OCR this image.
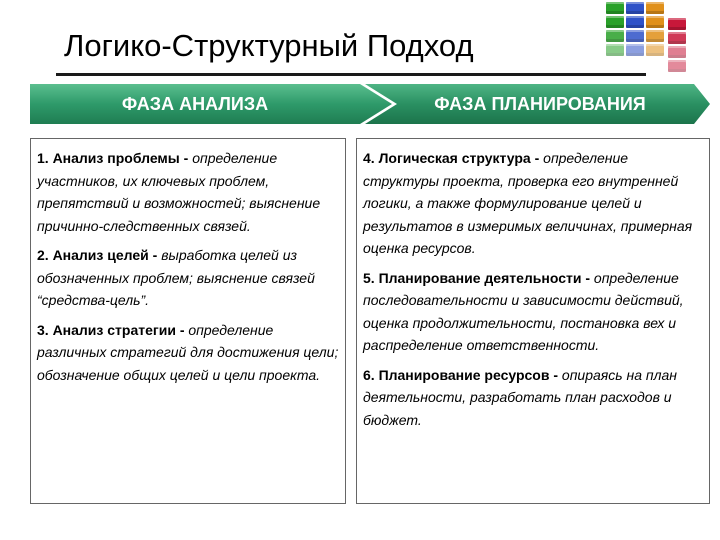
Логико-Структурный Подход
ФАЗА АНАЛИЗА	ФАЗА ПЛАНИРОВАНИЯ

1. Анализ проблемы - определение участников, их ключевых проблем, препятствий и возможностей; выяснение причинно-следственных связей.

2. Анализ целей - выработка целей из обозначенных проблем; выяснение связей “средства-цель”.

3. Анализ стратегии - определение различных стратегий для достижения цели; обозначение общих целей и цели проекта.

4. Логическая структура - определение структуры проекта, проверка его внутренней логики, а также формулирование целей и результатов в измеримых величинах, примерная оценка ресурсов.

5. Планирование деятельности - определение последовательности и зависимости действий, оценка продолжительности, постановка вех и распределение ответственности.

6. Планирование ресурсов - опираясь на план деятельности, разработать план расходов и бюджет.
